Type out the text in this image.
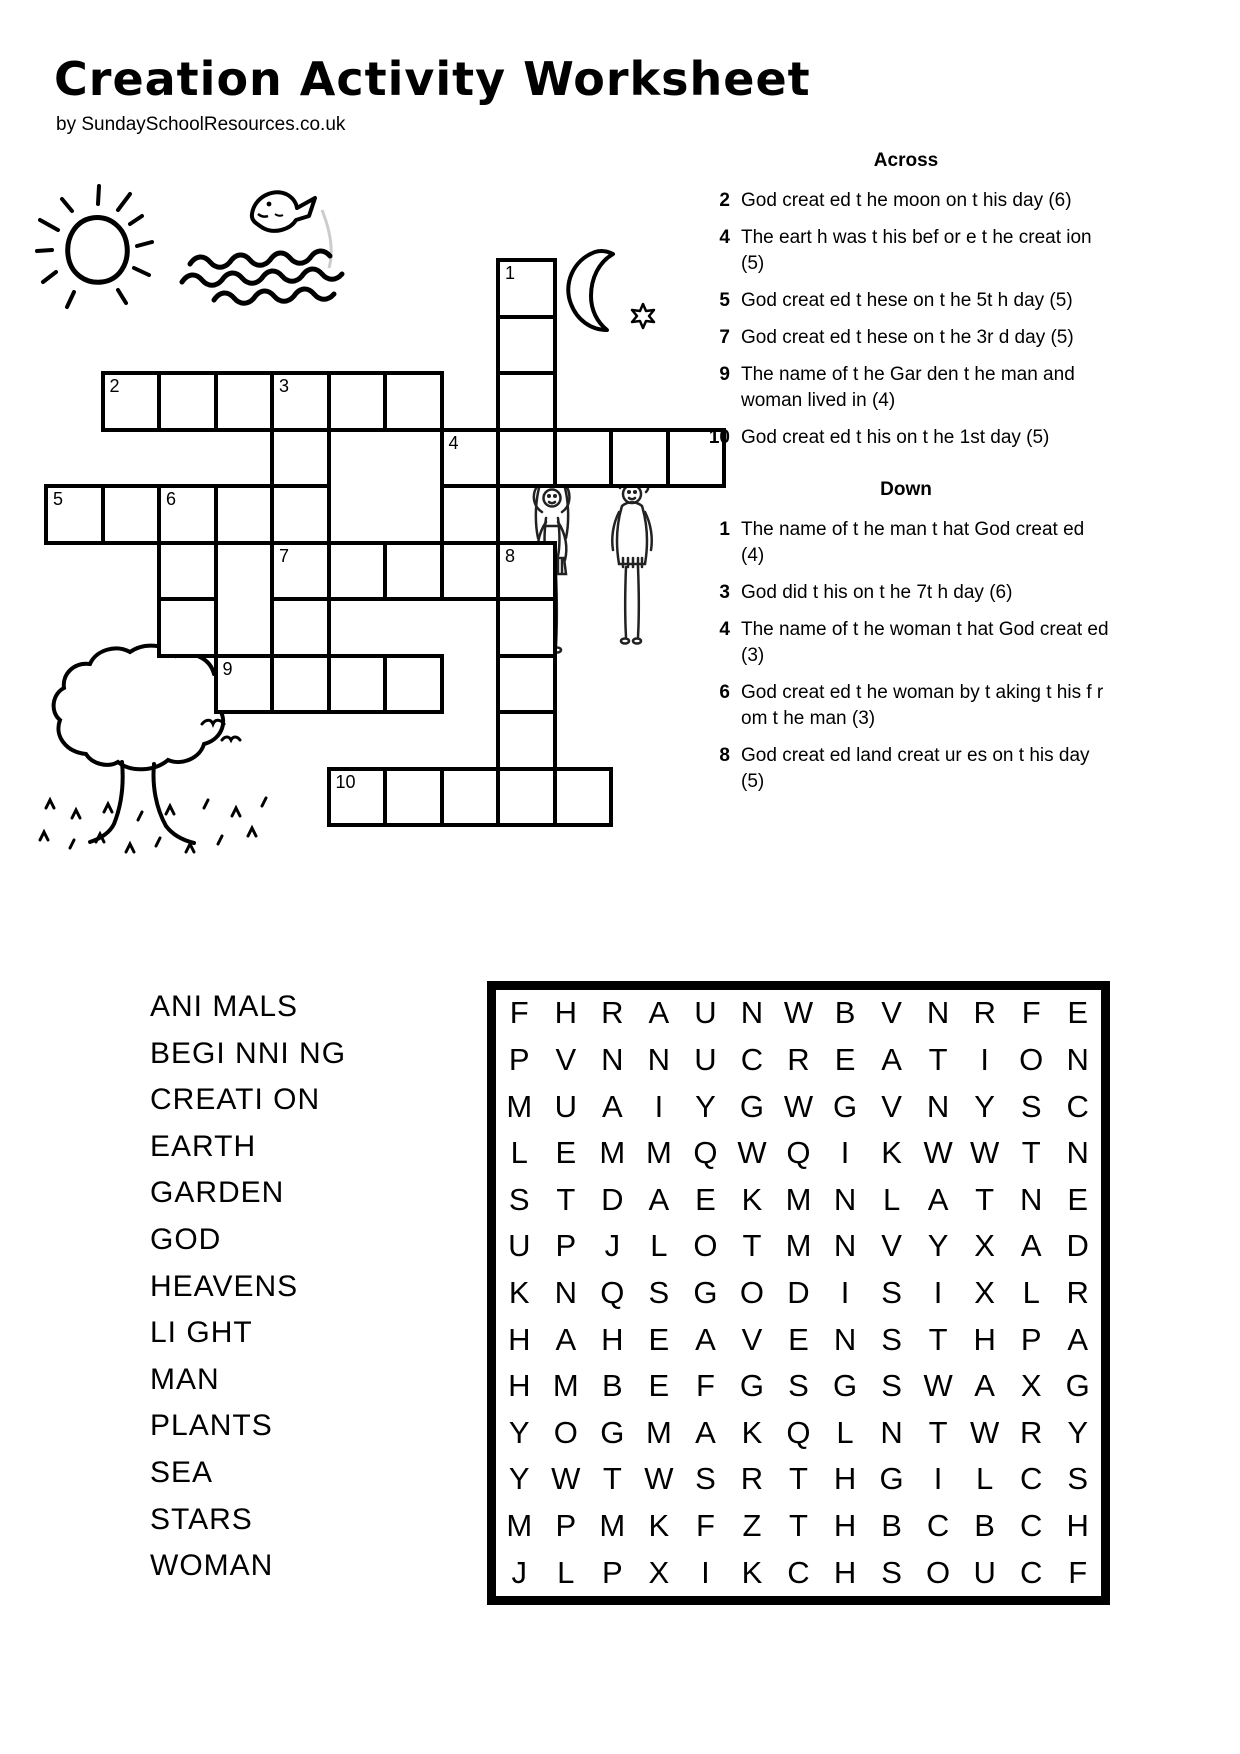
Creation Activity Worksheet
by SundaySchoolResources.co.uk
1
2	3
4
5	6
7	8
9
10
Across
2 God creat ed t he moon on t his day (6)
4 The eart h was t his bef or e t he creat ion (5)
5 God creat ed t hese on t he 5t h day (5)
7 God creat ed t hese on t he 3r d day (5)
9 The name of t he Gar den t he man and woman lived in (4)
10 God creat ed t his on t he 1st day (5)
Down
1 The name of t he man t hat God creat ed (4)
3 God did t his on t he 7t h day (6)
4 The name of t he woman t hat God creat ed (3)
6 God creat ed t he woman by t aking t his f r om t he man (3)
8 God creat ed land creat ur es on t his day (5)
ANI MALS
BEGI NNI NG
CREATI ON
EARTH
GARDEN
GOD
HEAVENS
LI GHT
MAN
PLANTS
SEA
STARS
WOMAN
F H R A U N W B V N R F E
P V N N U C R E A T	I O N
M U A	I	Y G W G V N Y S C
L E M M Q W Q I	K W W T N
S T D A E K M N L A T N E
U P J L O T M N V Y X A D
K N Q S G O D	I	S	I	X L R
H A H E A V E N S T H P A
H M B E F G S G S W A X G
Y O G M A K Q L N T W R Y
Y W T W S R T H G I	L C S
M P M K F Z T H B C B C H
J L P X	I	K C H S O U C F
